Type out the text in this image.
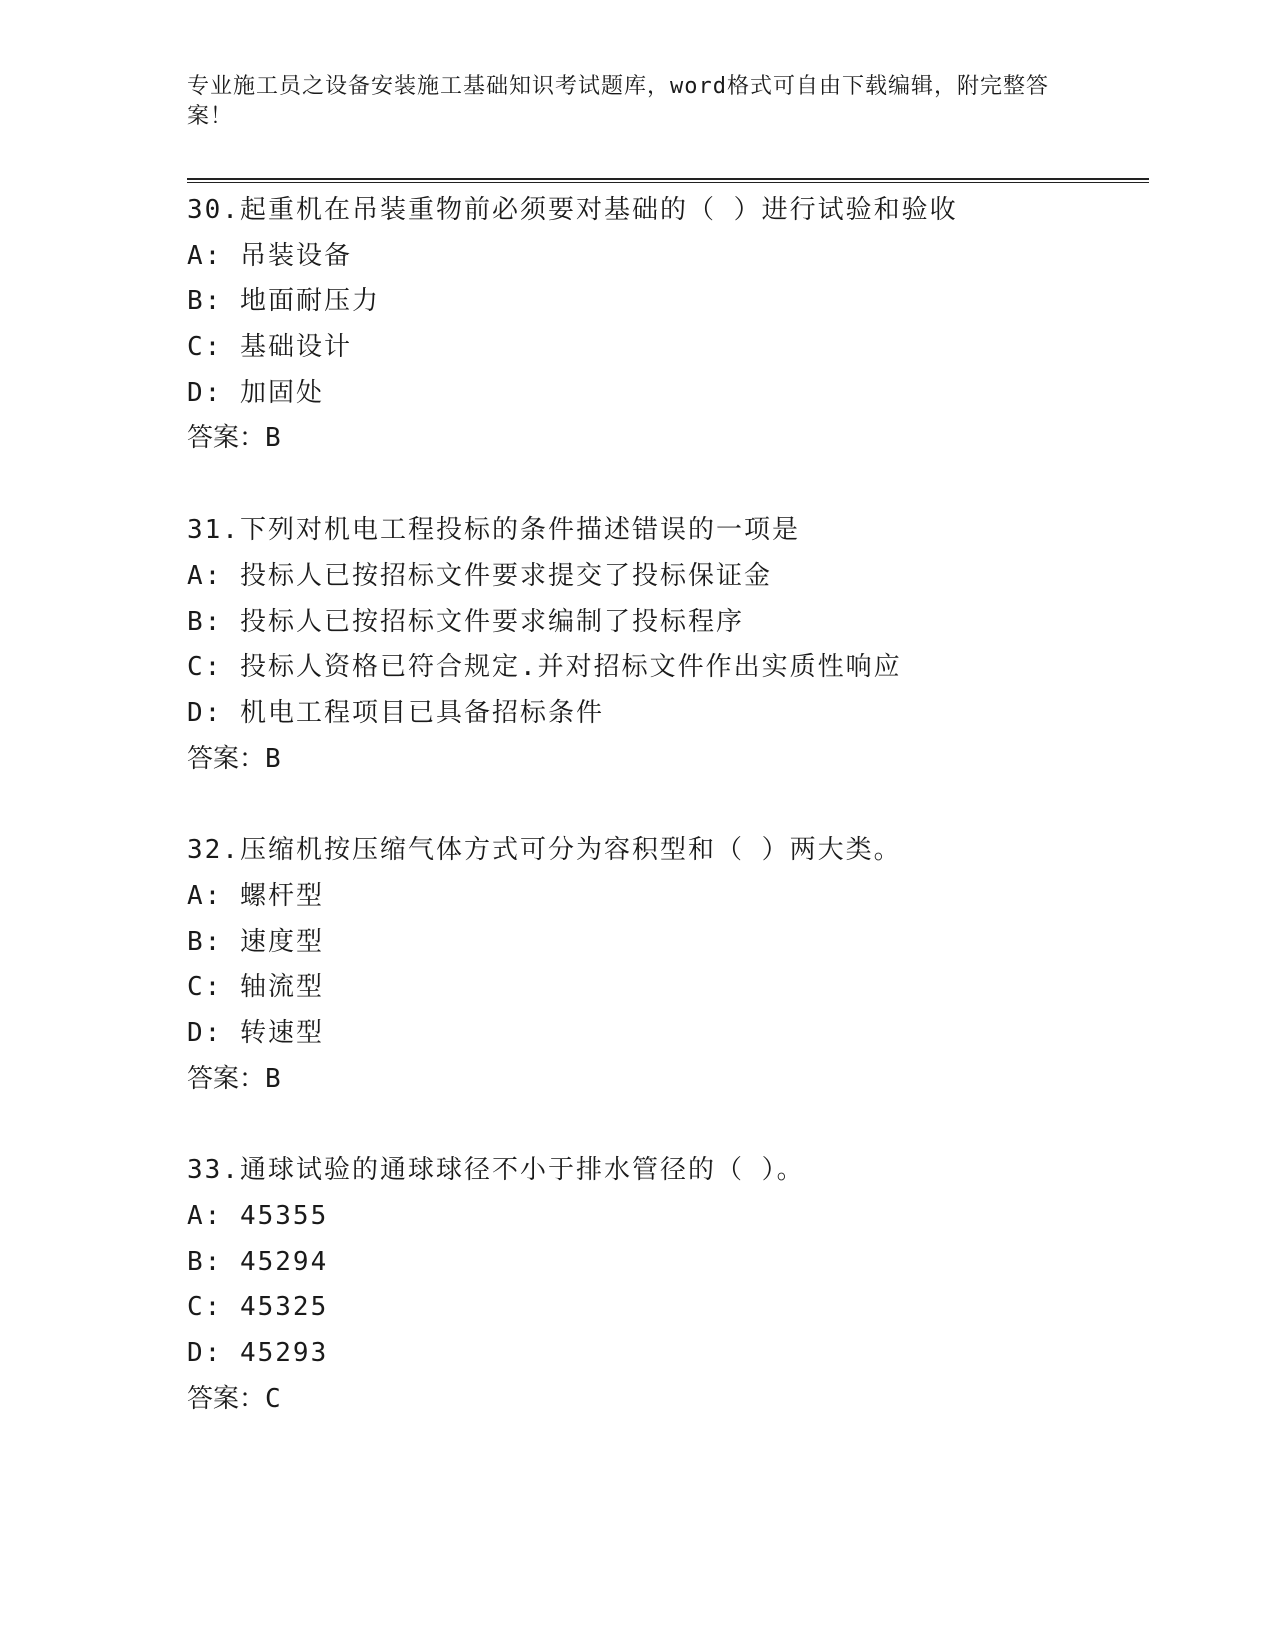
专业施工员之设备安装施工基础知识考试题库，word格式可自由下载编辑，附完整答案！
30.起重机在吊装重物前必须要对基础的（ ）进行试验和验收
A: 吊装设备
B: 地面耐压力
C: 基础设计
D: 加固处
答案：B
31.下列对机电工程投标的条件描述错误的一项是
A: 投标人已按招标文件要求提交了投标保证金
B: 投标人已按招标文件要求编制了投标程序
C: 投标人资格已符合规定.并对招标文件作出实质性响应
D: 机电工程项目已具备招标条件
答案：B
32.压缩机按压缩气体方式可分为容积型和（ ）两大类。
A: 螺杆型
B: 速度型
C: 轴流型
D: 转速型
答案：B
33.通球试验的通球球径不小于排水管径的（ ）。
A: 45355
B: 45294
C: 45325
D: 45293
答案：C
